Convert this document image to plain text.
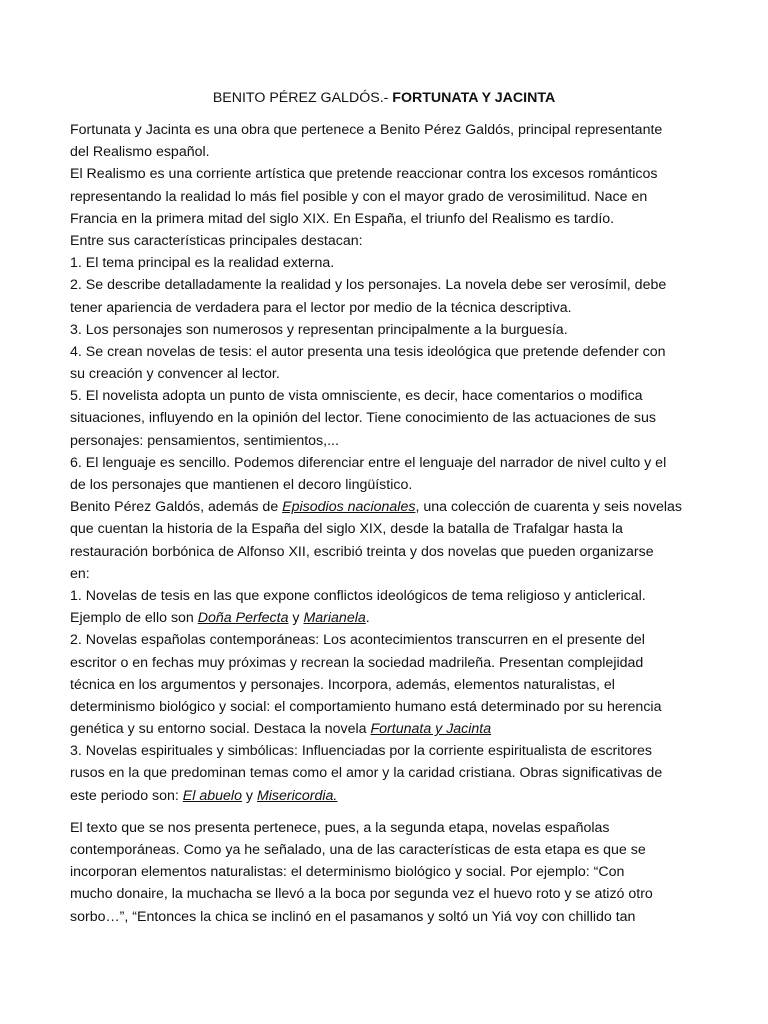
BENITO PÉREZ GALDÓS.- FORTUNATA Y JACINTA
Fortunata y Jacinta es una obra que pertenece a Benito Pérez Galdós, principal representante
del Realismo español.
El Realismo es una corriente artística que pretende reaccionar contra los excesos románticos
representando la realidad lo más fiel posible y con el mayor grado de verosimilitud. Nace en
Francia en la primera mitad del siglo XIX. En España, el triunfo del Realismo es tardío.
Entre sus características principales destacan:
1. El tema principal es la realidad externa.
2. Se describe detalladamente la realidad y los personajes. La novela debe ser verosímil, debe
tener apariencia de verdadera para el lector por medio de la técnica descriptiva.
3. Los personajes son numerosos y representan principalmente a la burguesía.
4. Se crean novelas de tesis: el autor presenta una tesis ideológica que pretende defender con
su creación y convencer al lector.
5. El novelista adopta un punto de vista omnisciente, es decir, hace comentarios o modifica
situaciones, influyendo en la opinión del lector. Tiene conocimiento de las actuaciones de sus
personajes: pensamientos, sentimientos,...
6. El lenguaje es sencillo. Podemos diferenciar entre el lenguaje del narrador de nivel culto y el
de los personajes que mantienen el decoro lingüístico.
Benito Pérez Galdós, además de Episodios nacionales, una colección de cuarenta y seis novelas
que cuentan la historia de la España del siglo XIX, desde la batalla de Trafalgar hasta la
restauración borbónica de Alfonso XII, escribió treinta y dos novelas que pueden organizarse
en:
1. Novelas de tesis en las que expone conflictos ideológicos de tema religioso y anticlerical.
Ejemplo de ello son Doña Perfecta y Marianela.
2. Novelas españolas contemporáneas: Los acontecimientos transcurren en el presente del
escritor o en fechas muy próximas y recrean la sociedad madrileña. Presentan complejidad
técnica en los argumentos y personajes. Incorpora, además, elementos naturalistas, el
determinismo biológico y social: el comportamiento humano está determinado por su herencia
genética y su entorno social. Destaca la novela Fortunata y Jacinta
3. Novelas espirituales y simbólicas: Influenciadas por la corriente espiritualista de escritores
rusos en la que predominan temas como el amor y la caridad cristiana. Obras significativas de
este periodo son: El abuelo y Misericordia.
El texto que se nos presenta pertenece, pues, a la segunda etapa, novelas españolas
contemporáneas. Como ya he señalado, una de las características de esta etapa es que se
incorporan elementos naturalistas: el determinismo biológico y social. Por ejemplo: “Con
mucho donaire, la muchacha se llevó a la boca por segunda vez el huevo roto y se atizó otro
sorbo…”, “Entonces la chica se inclinó en el pasamanos y soltó un Yiá voy con chillido tan
